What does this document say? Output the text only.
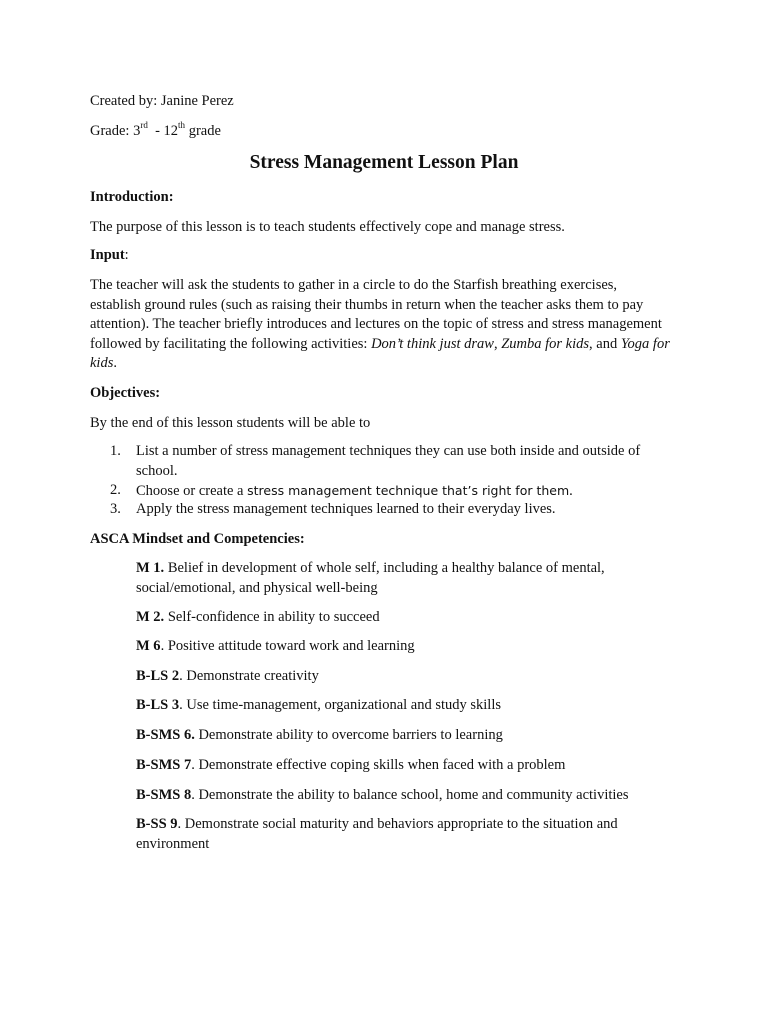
Created by: Janine Perez
Grade: 3rd  - 12th grade
Stress Management Lesson Plan
Introduction:
The purpose of this lesson is to teach students effectively cope and manage stress.
Input:
The teacher will ask the students to gather in a circle to do the Starfish breathing exercises, establish ground rules (such as raising their thumbs in return when the teacher asks them to pay attention). The teacher briefly introduces and lectures on the topic of stress and stress management followed by facilitating the following activities: Don’t think just draw, Zumba for kids, and Yoga for kids.
Objectives:
By the end of this lesson students will be able to
1. List a number of stress management techniques they can use both inside and outside of school.
2. Choose or create a stress management technique that’s right for them.
3. Apply the stress management techniques learned to their everyday lives.
ASCA Mindset and Competencies:
M 1. Belief in development of whole self, including a healthy balance of mental, social/emotional, and physical well-being
M 2. Self-confidence in ability to succeed
M 6. Positive attitude toward work and learning
B-LS 2. Demonstrate creativity
B-LS 3. Use time-management, organizational and study skills
B-SMS 6. Demonstrate ability to overcome barriers to learning
B-SMS 7. Demonstrate effective coping skills when faced with a problem
B-SMS 8. Demonstrate the ability to balance school, home and community activities
B-SS 9. Demonstrate social maturity and behaviors appropriate to the situation and environment
